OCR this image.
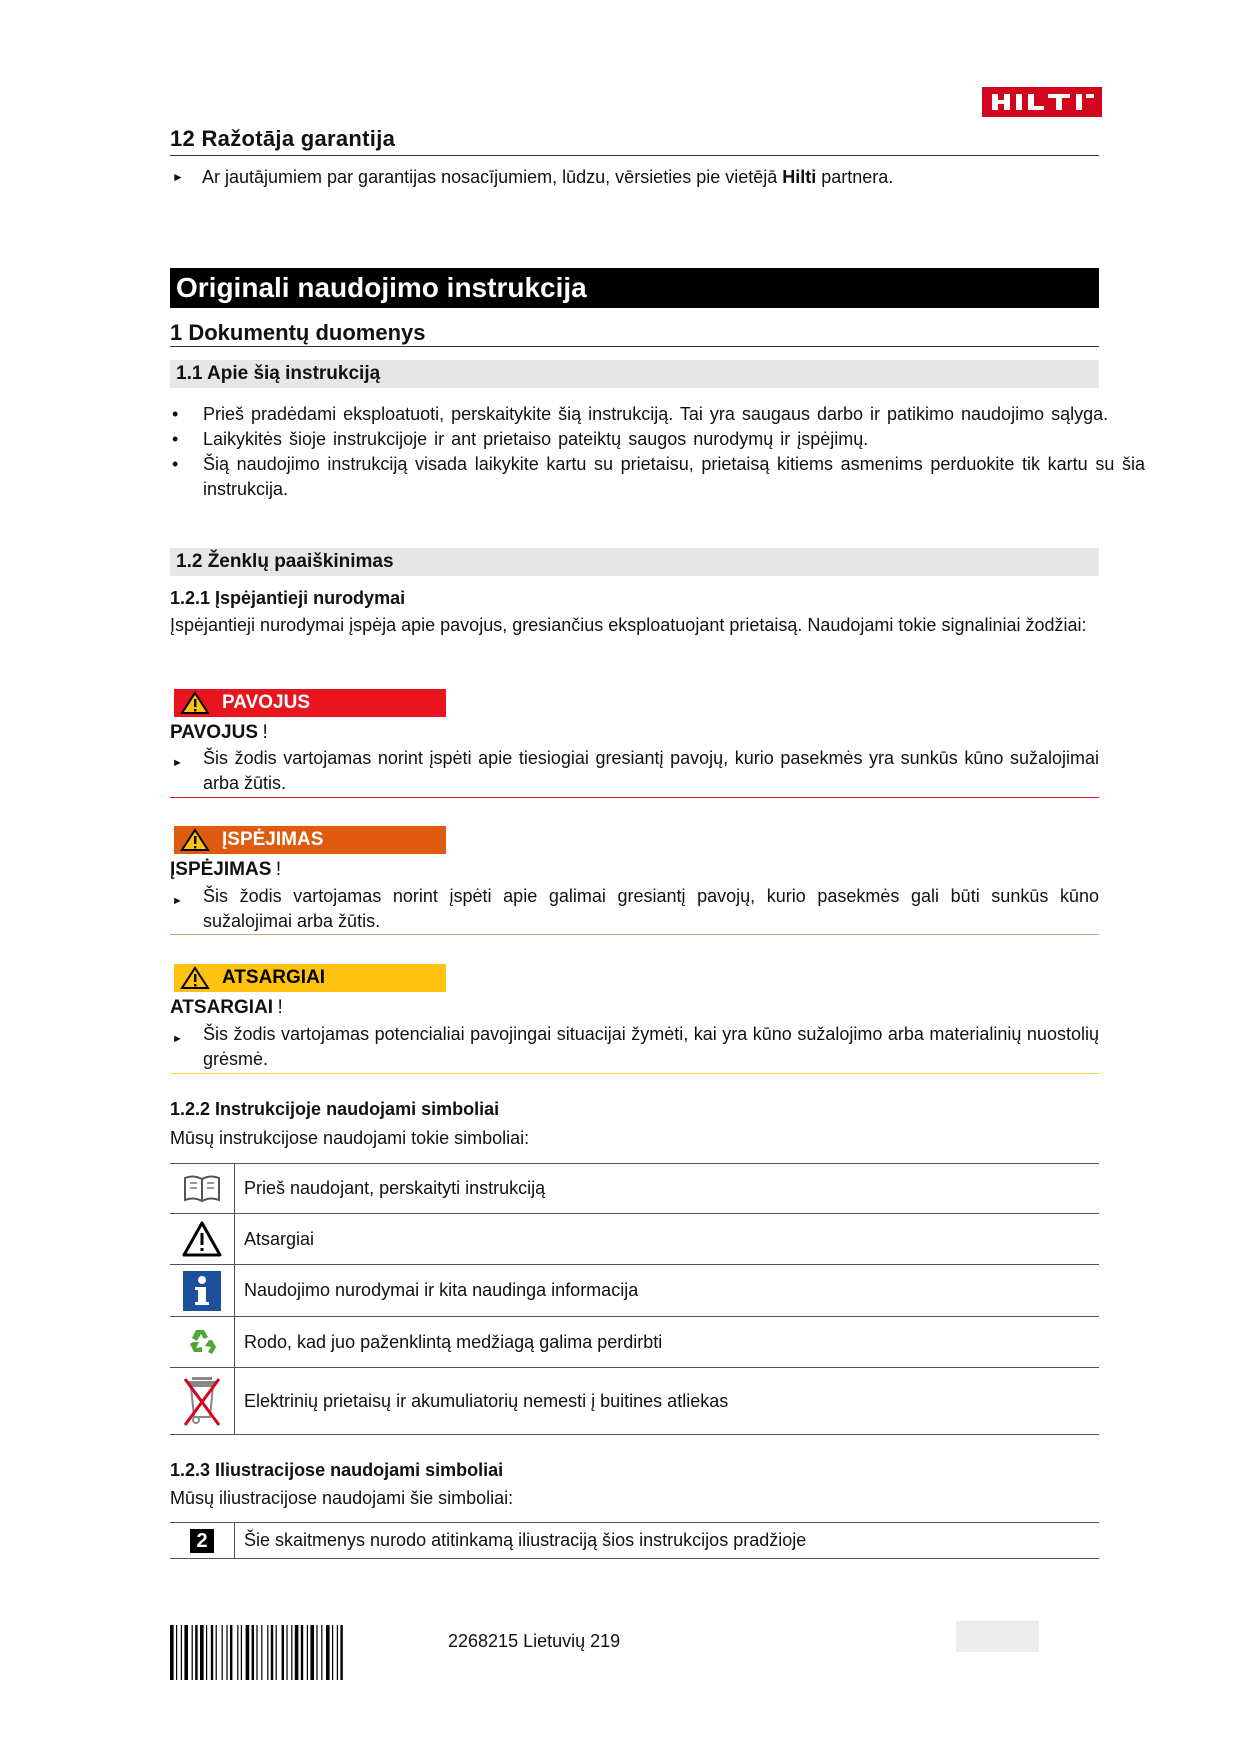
HILTI
12 Ražotāja garantija
► Ar jautājumiem par garantijas nosacījumiem, lūdzu, vērsieties pie vietējā Hilti partnera.
Originali naudojimo instrukcija
1 Dokumentų duomenys
1.1 Apie šią instrukciją
• Prieš pradėdami eksploatuoti, perskaitykite šią instrukciją. Tai yra saugaus darbo ir patikimo naudojimo sąlyga.
• Laikykitės šioje instrukcijoje ir ant prietaiso pateiktų saugos nurodymų ir įspėjimų.
• Šią naudojimo instrukciją visada laikykite kartu su prietaisu, prietaisą kitiems asmenims perduokite tik kartu su šia instrukcija.
1.2 Ženklų paaiškinimas
1.2.1 Įspėjantieji nurodymai
Įspėjantieji nurodymai įspėja apie pavojus, gresiančius eksploatuojant prietaisą. Naudojami tokie signaliniai žodžiai:
PAVOJUS
PAVOJUS !
► Šis žodis vartojamas norint įspėti apie tiesiogiai gresiantį pavojų, kurio pasekmės yra sunkūs kūno sužalojimai arba žūtis.
ĮSPĖJIMAS
ĮSPĖJIMAS !
► Šis žodis vartojamas norint įspėti apie galimai gresiantį pavojų, kurio pasekmės gali būti sunkūs kūno sužalojimai arba žūtis.
ATSARGIAI
ATSARGIAI !
► Šis žodis vartojamas potencialiai pavojingai situacijai žymėti, kai yra kūno sužalojimo arba materialinių nuostolių grėsmė.
1.2.2 Instrukcijoje naudojami simboliai
Mūsų instrukcijose naudojami tokie simboliai:
Prieš naudojant, perskaityti instrukciją
Atsargiai
Naudojimo nurodymai ir kita naudinga informacija
Rodo, kad juo paženklintą medžiagą galima perdirbti
Elektrinių prietaisų ir akumuliatorių nemesti į buitines atliekas
1.2.3 Iliustracijose naudojami simboliai
Mūsų iliustracijose naudojami šie simboliai:
2	Šie skaitmenys nurodo atitinkamą iliustraciją šios instrukcijos pradžioje
2268215 Lietuvių 219
